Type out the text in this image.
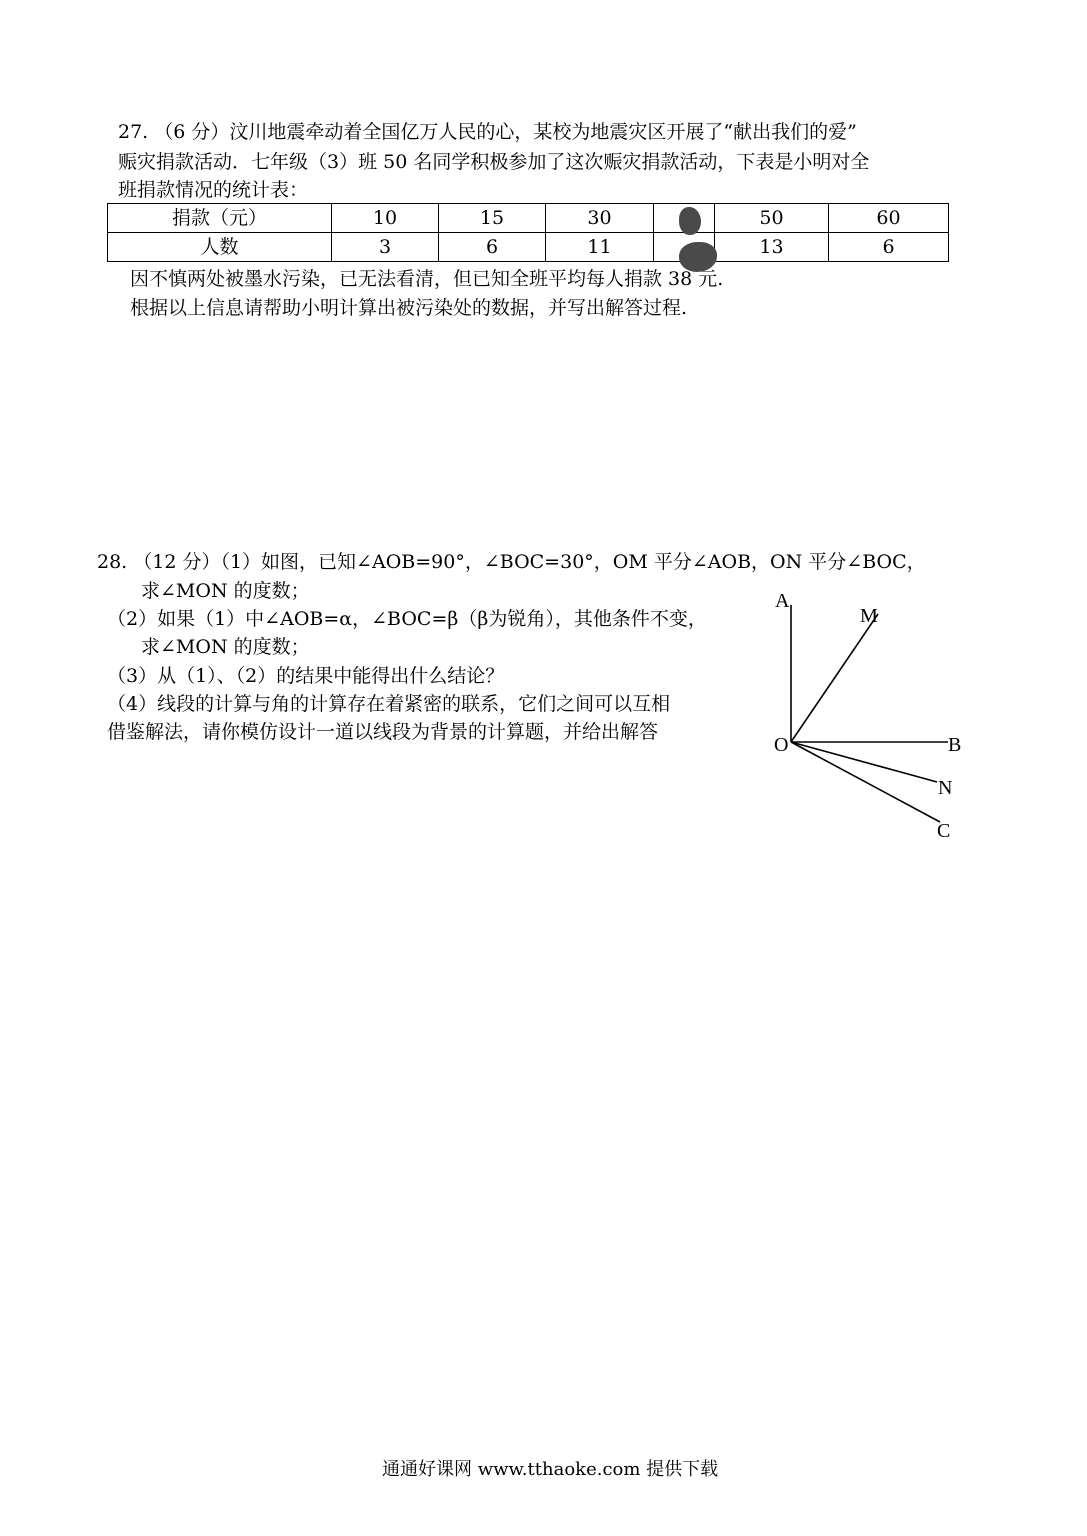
27. （6 分）汶川地震牵动着全国亿万人民的心，某校为地震灾区开展了“献出我们的爱”
赈灾捐款活动．七年级（3）班 50 名同学积极参加了这次赈灾捐款活动，下表是小明对全
班捐款情况的统计表：
捐款（元）	10	15	30		50	60
人数	3	6	11		13	6
因不慎两处被墨水污染，已无法看清，但已知全班平均每人捐款 38 元.
根据以上信息请帮助小明计算出被污染处的数据，并写出解答过程.
28. （12 分）（1）如图，已知∠AOB=90°，∠BOC=30°，OM 平分∠AOB，ON 平分∠BOC，
求∠MON 的度数；
（2）如果（1）中∠AOB=α，∠BOC=β（β为锐角），其他条件不变，
求∠MON 的度数；
（3）从（1）、（2）的结果中能得出什么结论？
（4）线段的计算与角的计算存在着紧密的联系，它们之间可以互相
借鉴解法，请你模仿设计一道以线段为背景的计算题，并给出解答
A
M
O	B
N
C
通通好课网 www.tthaoke.com 提供下载
